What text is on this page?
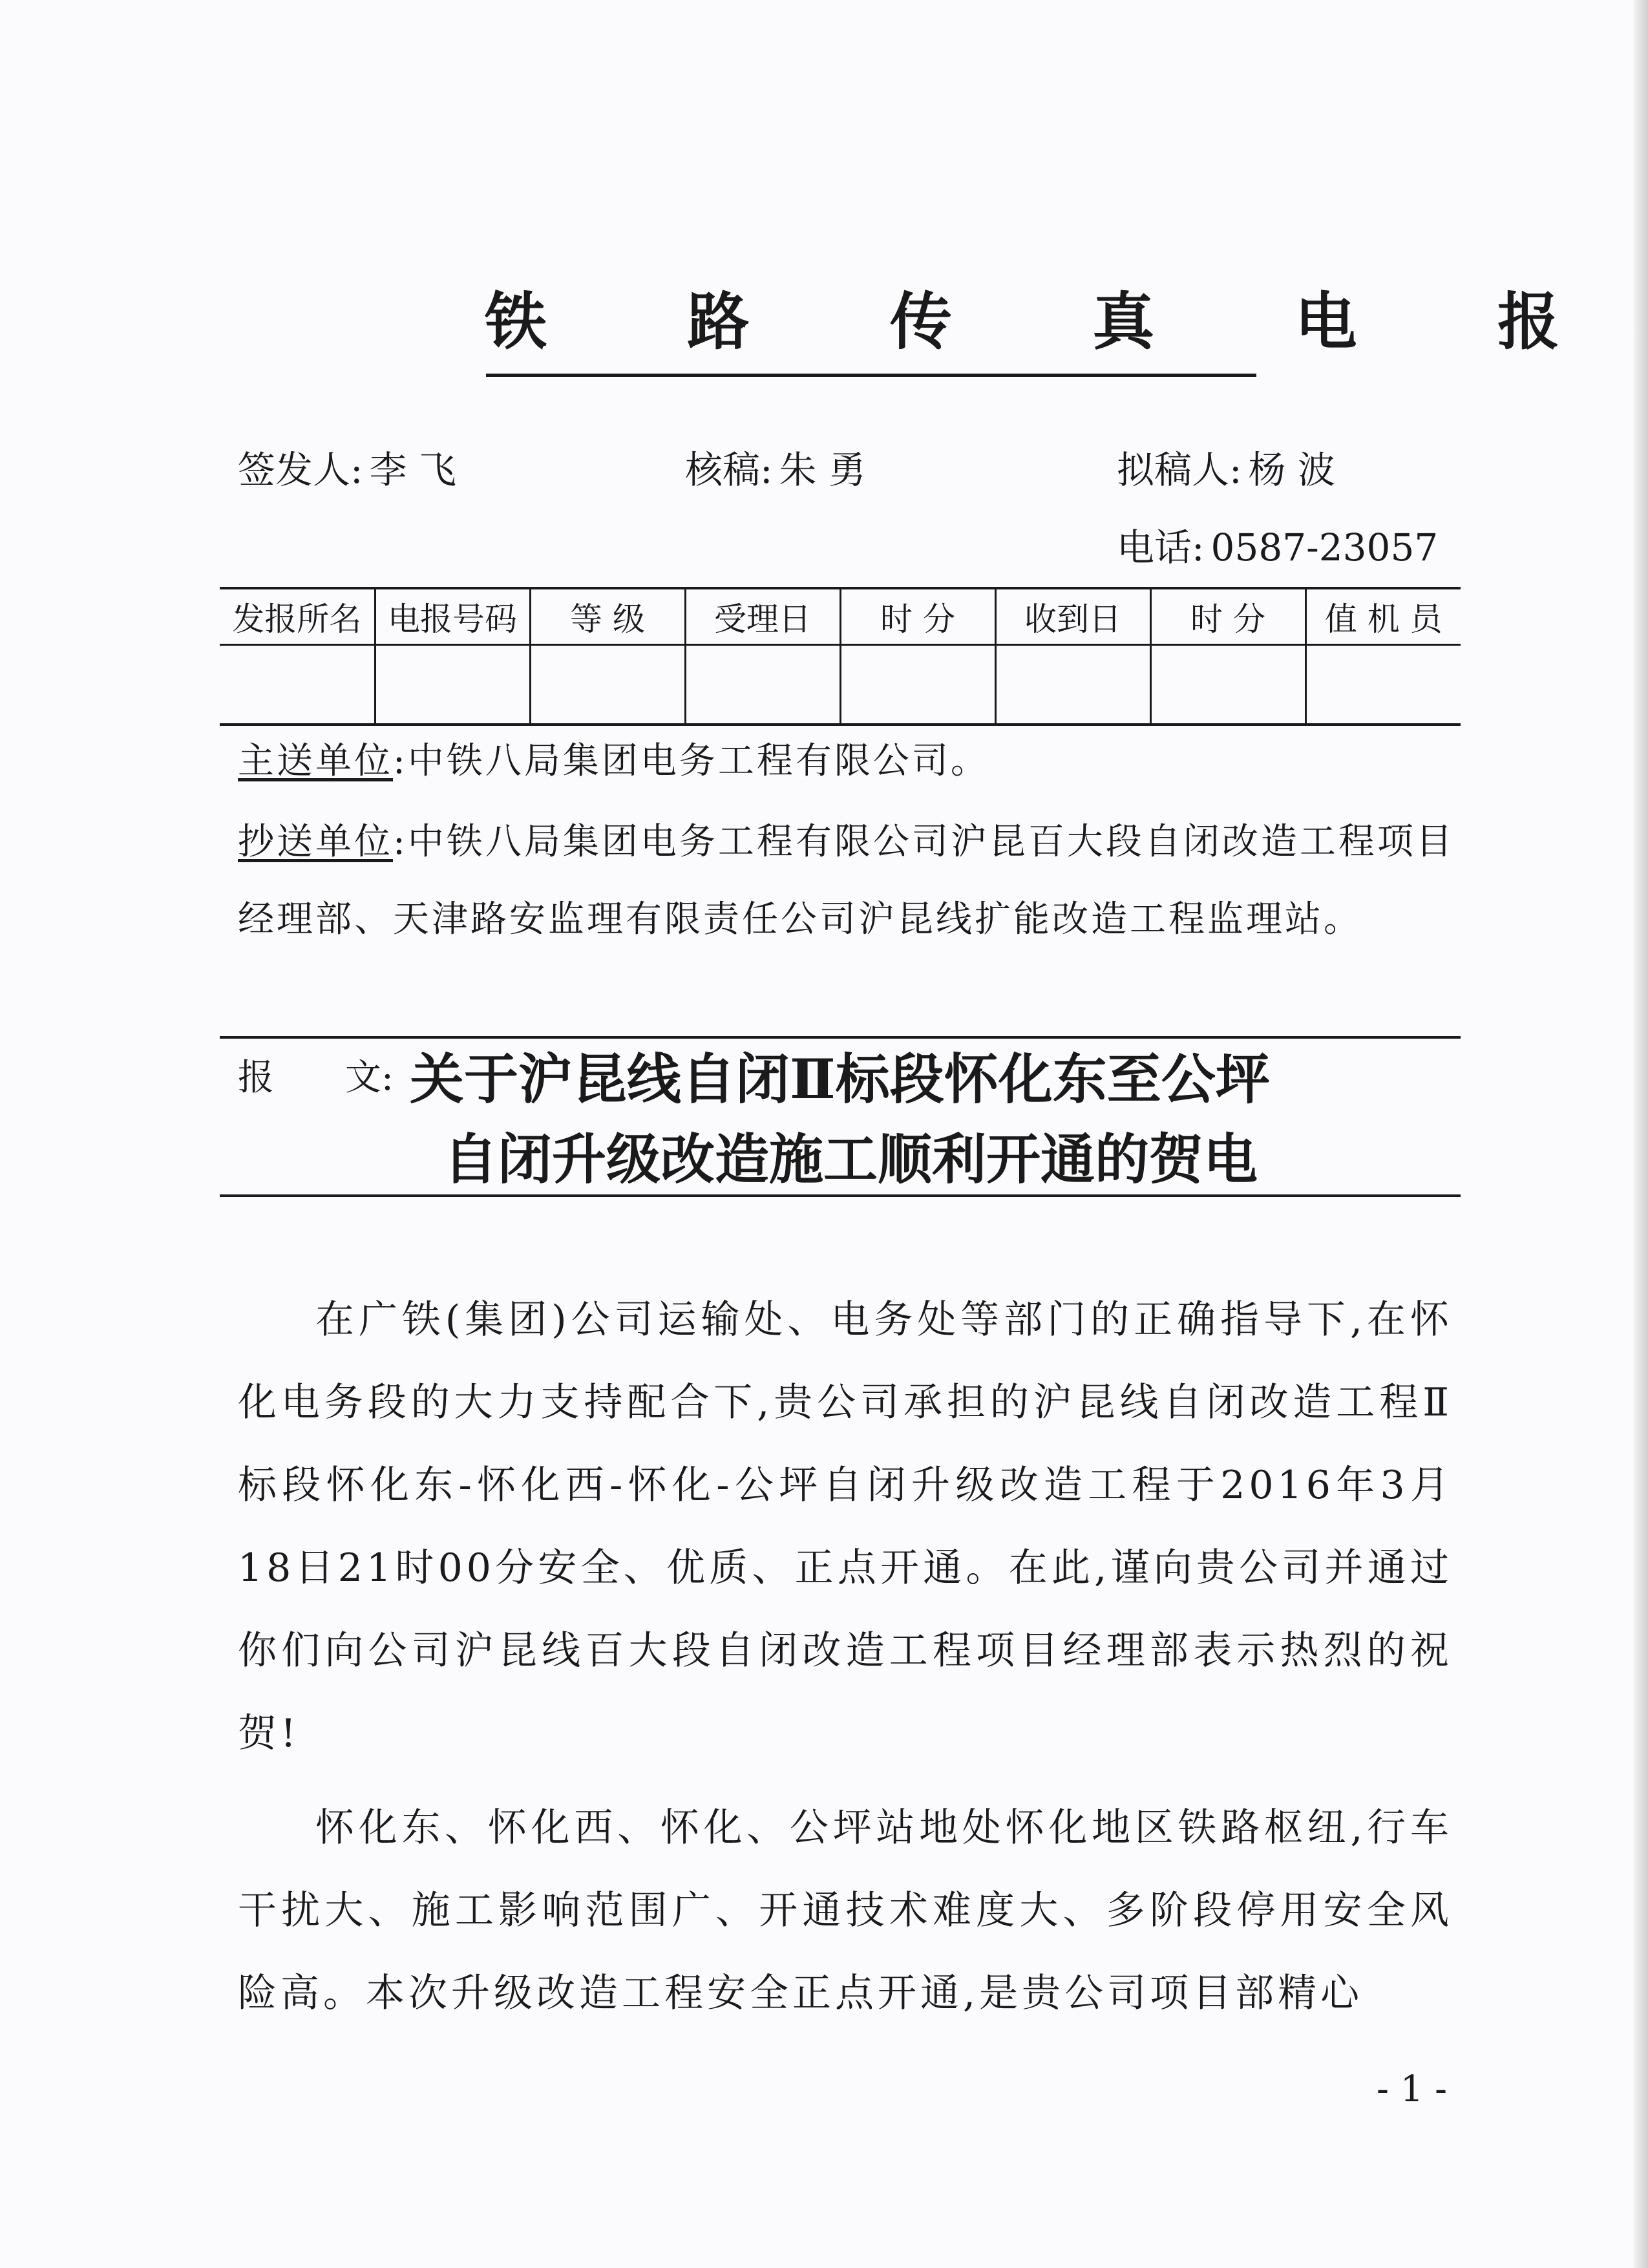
铁 路 传 真 电 报
签发人: 李 飞	核稿: 朱 勇	拟稿人: 杨 波
电话: 0587-23057
发报所名	电报号码	等 级	受理日	时 分	收到日	时 分	值 机 员

主送单位:中铁八局集团电务工程有限公司。
抄送单位:中铁八局集团电务工程有限公司沪昆百大段自闭改造工程项目经理部、天津路安监理有限责任公司沪昆线扩能改造工程监理站。
报 文: 关于沪昆线自闭Ⅱ标段怀化东至公坪
自闭升级改造施工顺利开通的贺电

在广铁(集团)公司运输处、电务处等部门的正确指导下,在怀化电务段的大力支持配合下,贵公司承担的沪昆线自闭改造工程Ⅱ标段怀化东-怀化西-怀化-公坪自闭升级改造工程于2016年3月18日21时00分安全、优质、正点开通。在此,谨向贵公司并通过你们向公司沪昆线百大段自闭改造工程项目经理部表示热烈的祝贺!

怀化东、怀化西、怀化、公坪站地处怀化地区铁路枢纽,行车干扰大、施工影响范围广、开通技术难度大、多阶段停用安全风险高。本次升级改造工程安全正点开通,是贵公司项目部精心

- 1 -
